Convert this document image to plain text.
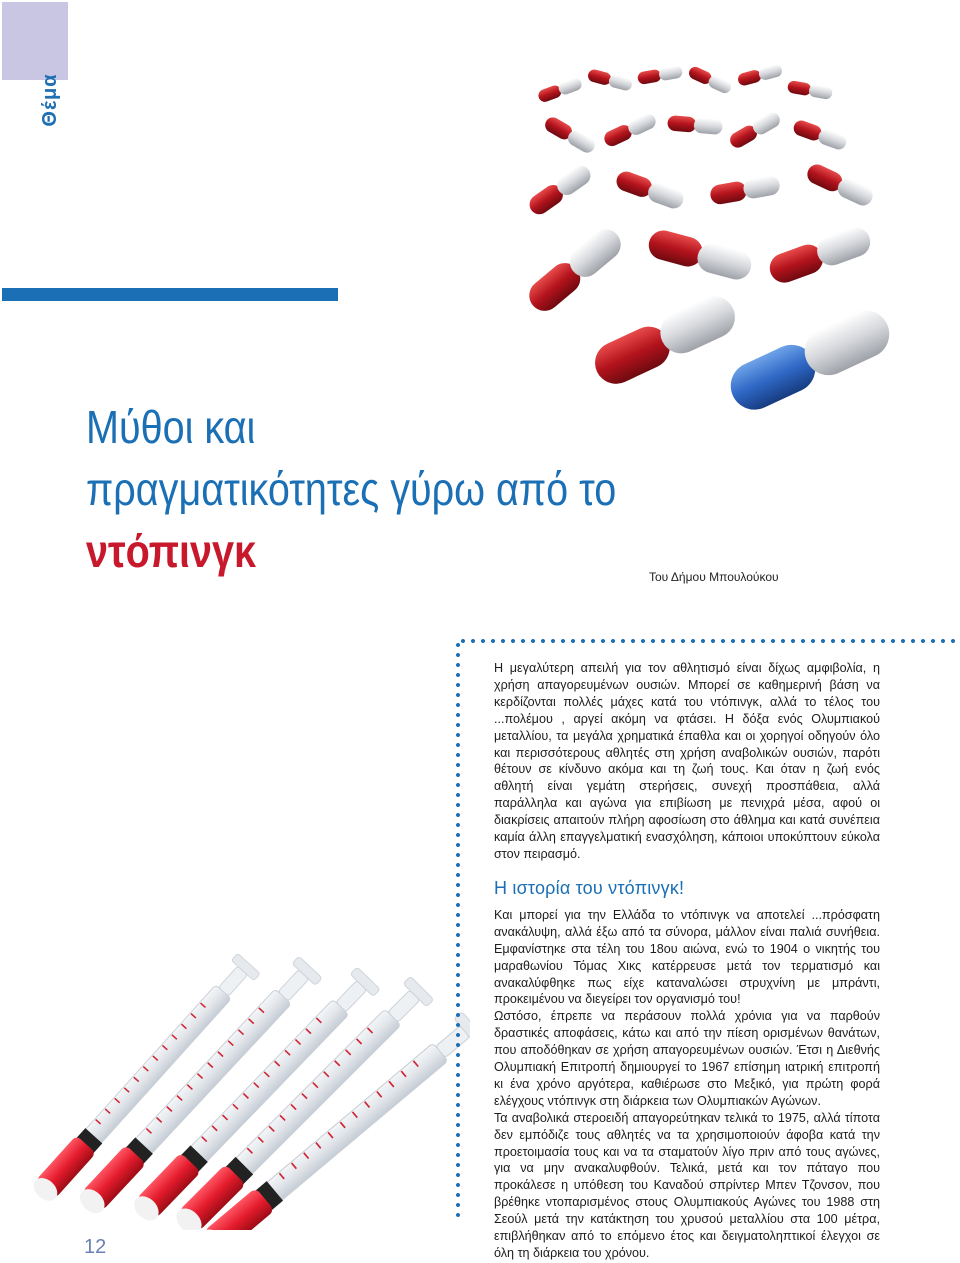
Θέμα
Μύθοι και
πραγματικότητες γύρω από το
ντόπινγκ	Του Δήμου Μπουλούκου

Η μεγαλύτερη απειλή για τον αθλητισμό είναι δίχως αμφιβολία, η χρήση απαγορευμένων ουσιών. Μπορεί σε καθημερινή βάση να κερδίζονται πολλές μάχες κατά του ντόπινγκ, αλλά το τέλος του ...πολέμου , αργεί ακόμη να φτάσει. Η δόξα ενός Ολυμπιακού μεταλλίου, τα μεγάλα χρηματικά έπαθλα και οι χορηγοί οδηγούν όλο και περισσότερους αθλητές στη χρήση αναβολικών ουσιών, παρότι θέτουν σε κίνδυνο ακόμα και τη ζωή τους. Και όταν η ζωή ενός αθλητή είναι γεμάτη στερήσεις, συνεχή προσπάθεια, αλλά παράλληλα και αγώνα για επιβίωση με πενιχρά μέσα, αφού οι διακρίσεις απαιτούν πλήρη αφοσίωση στο άθλημα και κατά συνέπεια καμία άλλη επαγγελματική ενασχόληση, κάποιοι υποκύπτουν εύκολα στον πειρασμό.

Η ιστορία του ντόπινγκ!

Και μπορεί για την Ελλάδα το ντόπινγκ να αποτελεί ...πρόσφατη ανακάλυψη, αλλά έξω από τα σύνορα, μάλλον είναι παλιά συνήθεια. Εμφανίστηκε στα τέλη του 18ου αιώνα, ενώ το 1904 ο νικητής του μαραθωνίου Τόμας Χικς κατέρρευσε μετά τον τερματισμό και ανακαλύφθηκε πως είχε καταναλώσει στρυχνίνη με μπράντι, προκειμένου να διεγείρει τον οργανισμό του!

Ωστόσο, έπρεπε να περάσουν πολλά χρόνια για να παρθούν δραστικές αποφάσεις, κάτω και από την πίεση ορισμένων θανάτων, που αποδόθηκαν σε χρήση απαγορευμένων ουσιών. Έτσι η Διεθνής Ολυμπιακή Επιτροπή δημιουργεί το 1967 επίσημη ιατρική επιτροπή κι ένα χρόνο αργότερα, καθιέρωσε στο Μεξικό, για πρώτη φορά ελέγχους ντόπινγκ στη διάρκεια των Ολυμπιακών Αγώνων.

Τα αναβολικά στεροειδή απαγορεύτηκαν τελικά το 1975, αλλά τίποτα δεν εμπόδιζε τους αθλητές να τα χρησιμοποιούν άφοβα κατά την προετοιμασία τους και να τα σταματούν λίγο πριν από τους αγώνες, για να μην ανακαλυφθούν. Τελικά, μετά και τον πάταγο που προκάλεσε η υπόθεση του Καναδού σπρίντερ Μπεν Τζονσον, που βρέθηκε ντοπαρισμένος στους Ολυμπιακούς Αγώνες του 1988 στη Σεούλ μετά την κατάκτηση του χρυσού μεταλλίου στα 100 μέτρα, επιβλήθηκαν από το επόμενο έτος και δειγματοληπτικοί έλεγχοι σε όλη τη διάρκεια του χρόνου.

12
